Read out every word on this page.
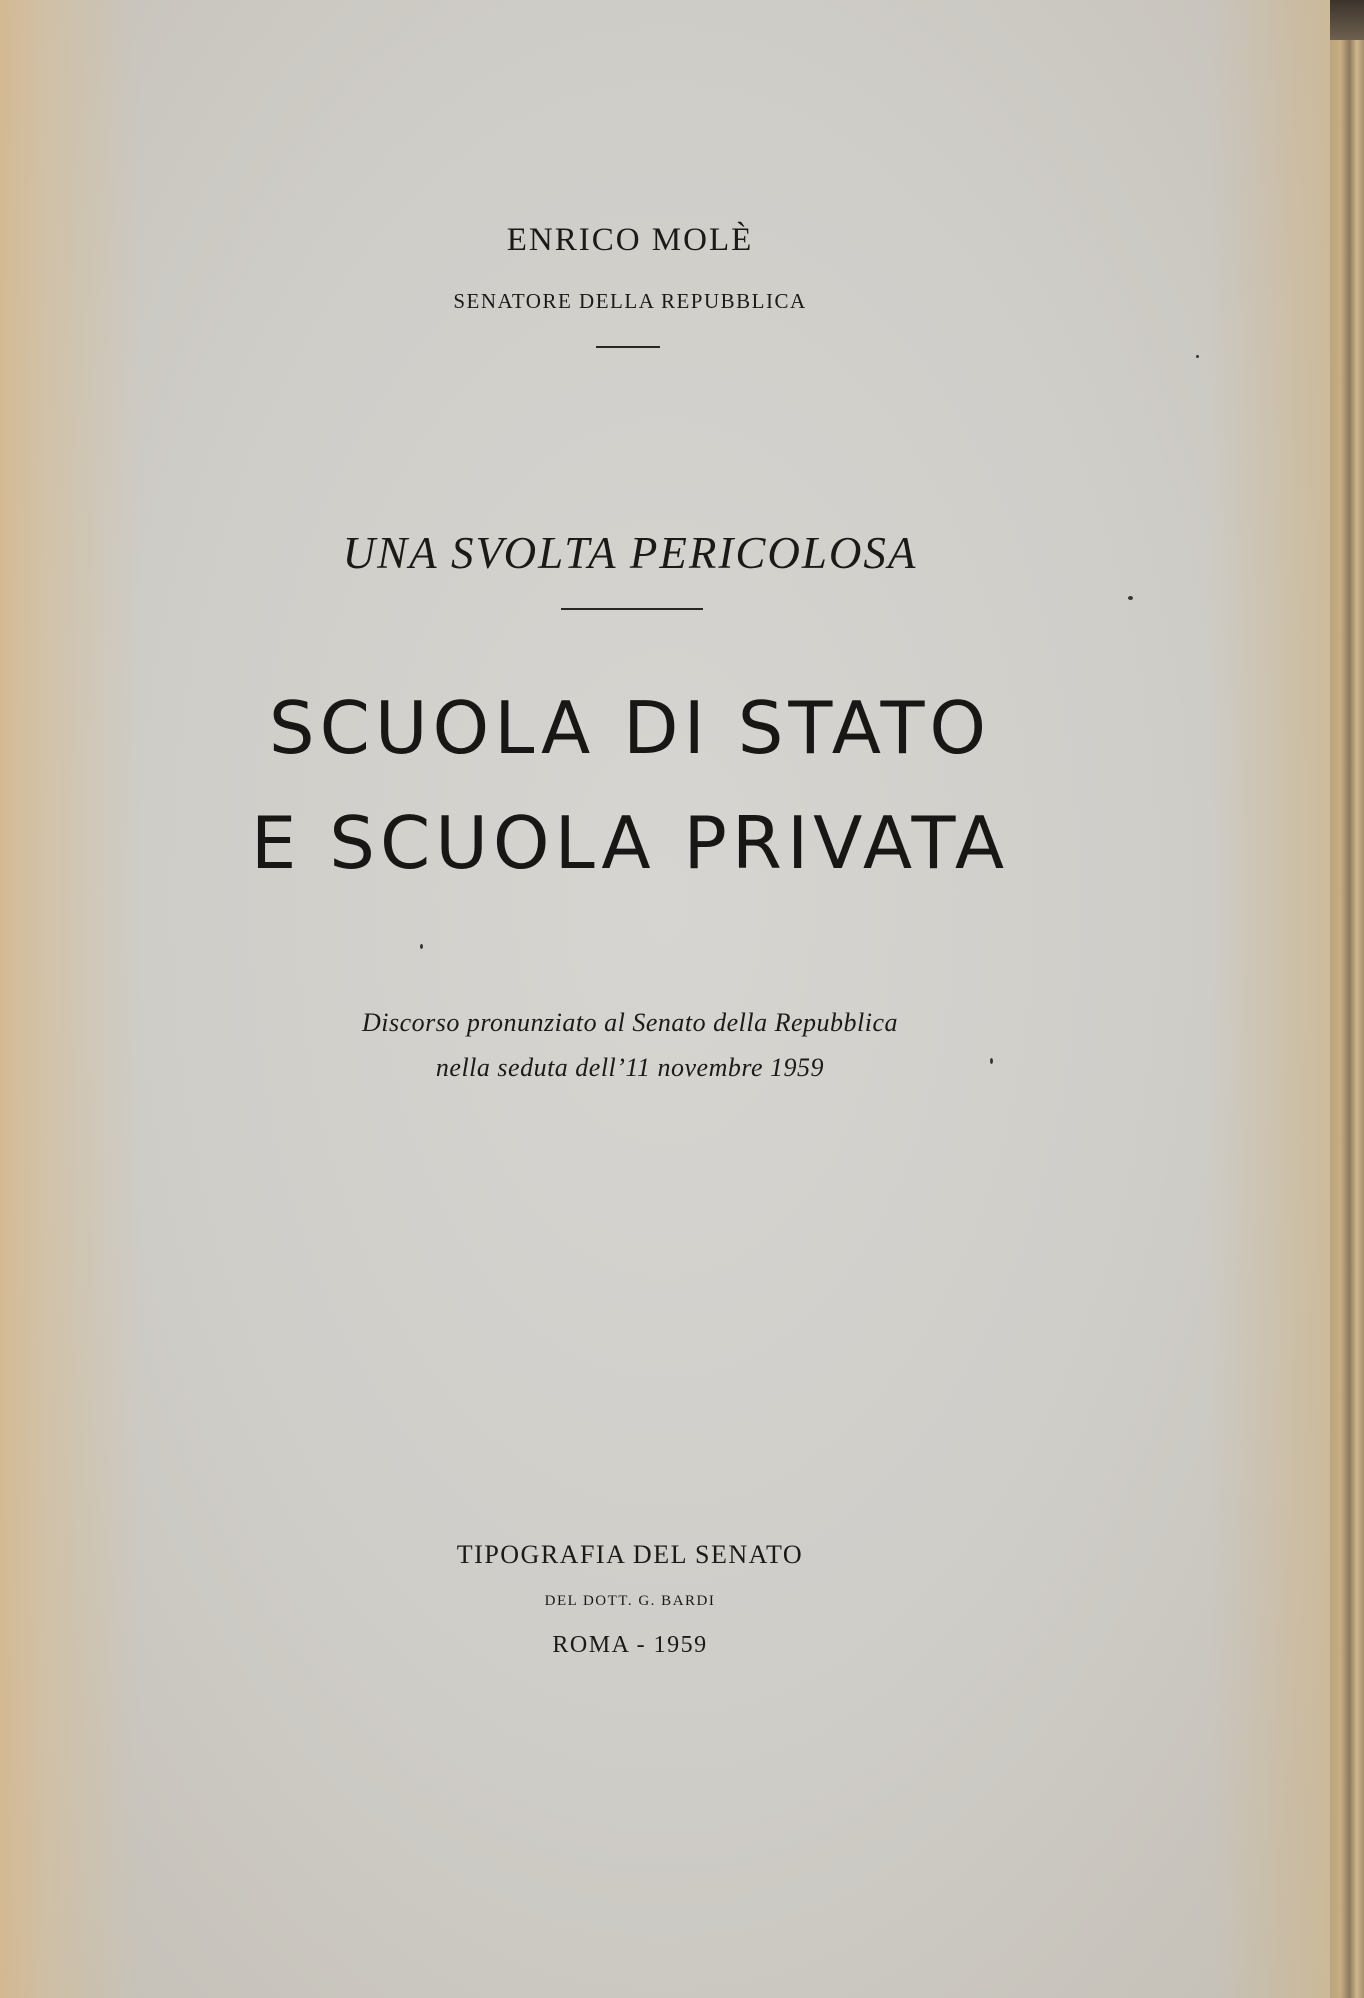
ENRICO MOLÈ
SENATORE DELLA REPUBBLICA
UNA SVOLTA PERICOLOSA
SCUOLA DI STATO
E SCUOLA PRIVATA
Discorso pronunziato al Senato della Repubblica
nella seduta dell’11 novembre 1959
TIPOGRAFIA DEL SENATO
DEL DOTT. G. BARDI
ROMA - 1959
